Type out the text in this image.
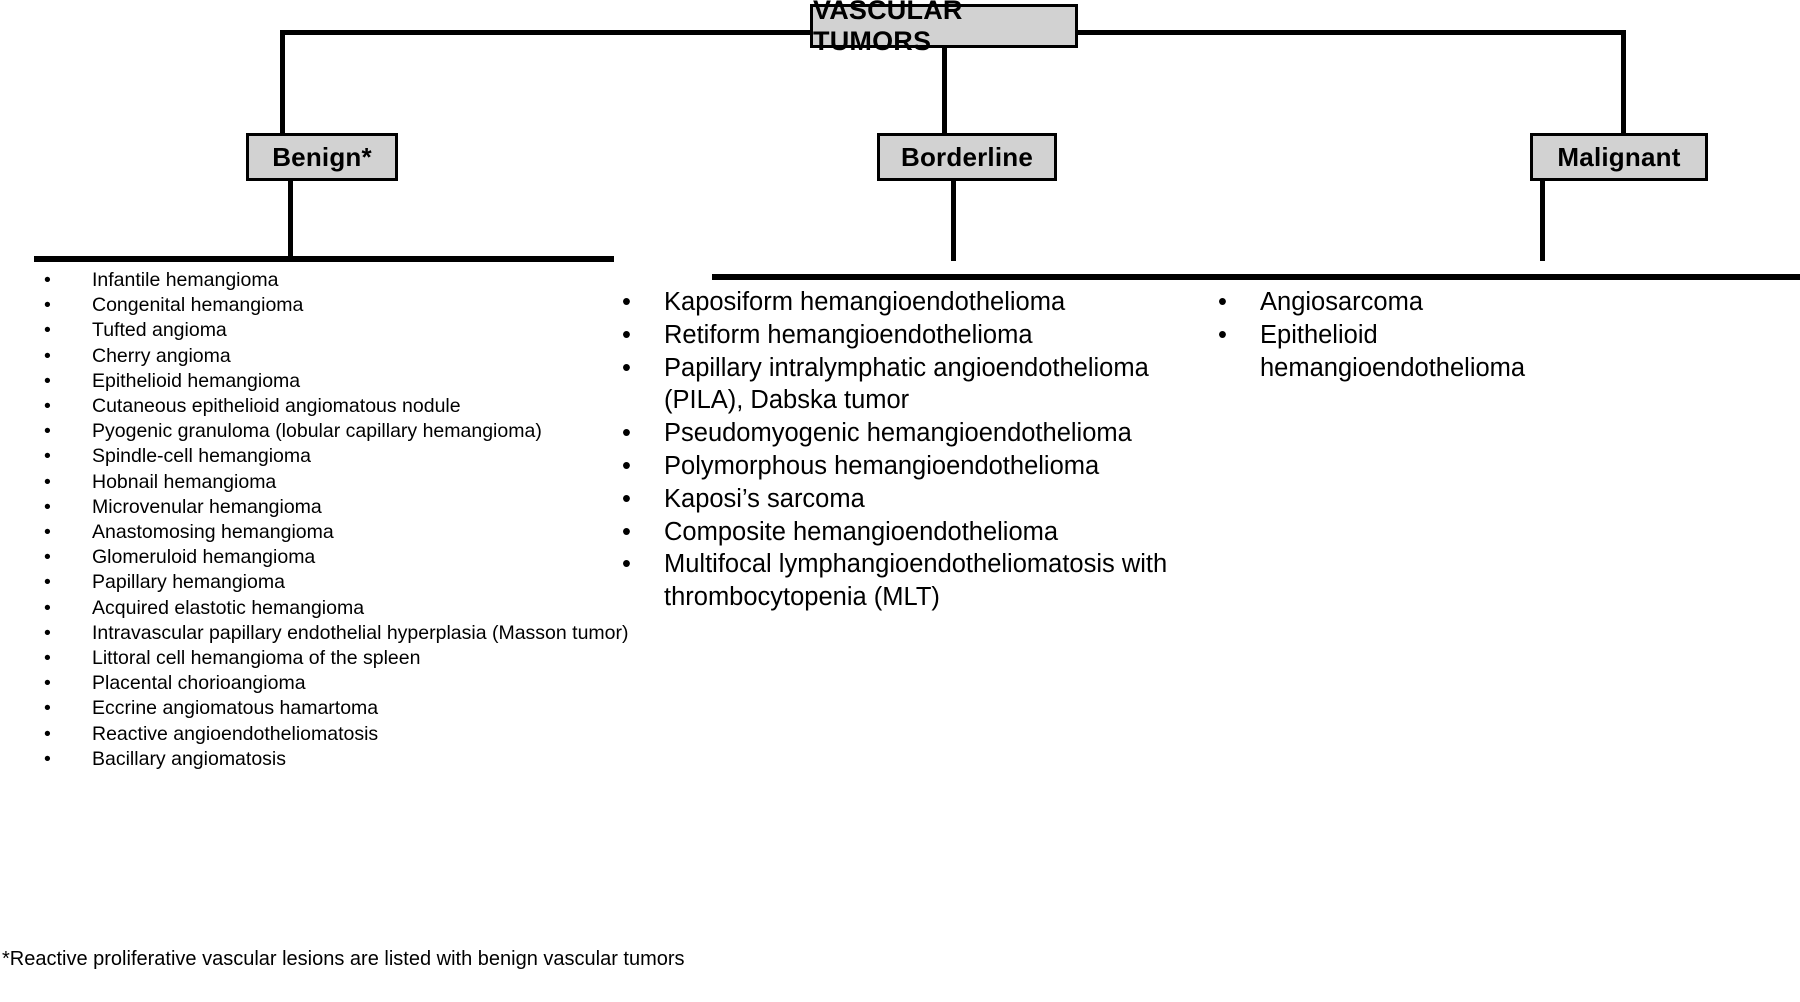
VASCULAR TUMORS
Benign*	Borderline	Malignant
•	Infantile hemangioma
•	Congenital hemangioma
•	Tufted angioma
•	Cherry angioma
•	Epithelioid hemangioma
•	Cutaneous epithelioid angiomatous nodule
•	Pyogenic granuloma (lobular capillary hemangioma)
•	Spindle-cell hemangioma
•	Hobnail hemangioma
•	Microvenular hemangioma
•	Anastomosing hemangioma
•	Glomeruloid hemangioma
•	Papillary hemangioma
•	Acquired elastotic hemangioma
•	Intravascular papillary endothelial hyperplasia (Masson tumor)
•	Littoral cell hemangioma of the spleen
•	Placental chorioangioma
•	Eccrine angiomatous hamartoma
•	Reactive angioendotheliomatosis
•	Bacillary angiomatosis
•	Kaposiform hemangioendothelioma
•	Retiform hemangioendothelioma
•	Papillary intralymphatic angioendothelioma (PILA), Dabska tumor
•	Pseudomyogenic hemangioendothelioma
•	Polymorphous hemangioendothelioma
•	Kaposi’s sarcoma
•	Composite hemangioendothelioma
•	Multifocal lymphangioendotheliomatosis with thrombocytopenia (MLT)
•	Angiosarcoma
•	Epithelioid hemangioendothelioma
*Reactive proliferative vascular lesions are listed with benign vascular tumors
